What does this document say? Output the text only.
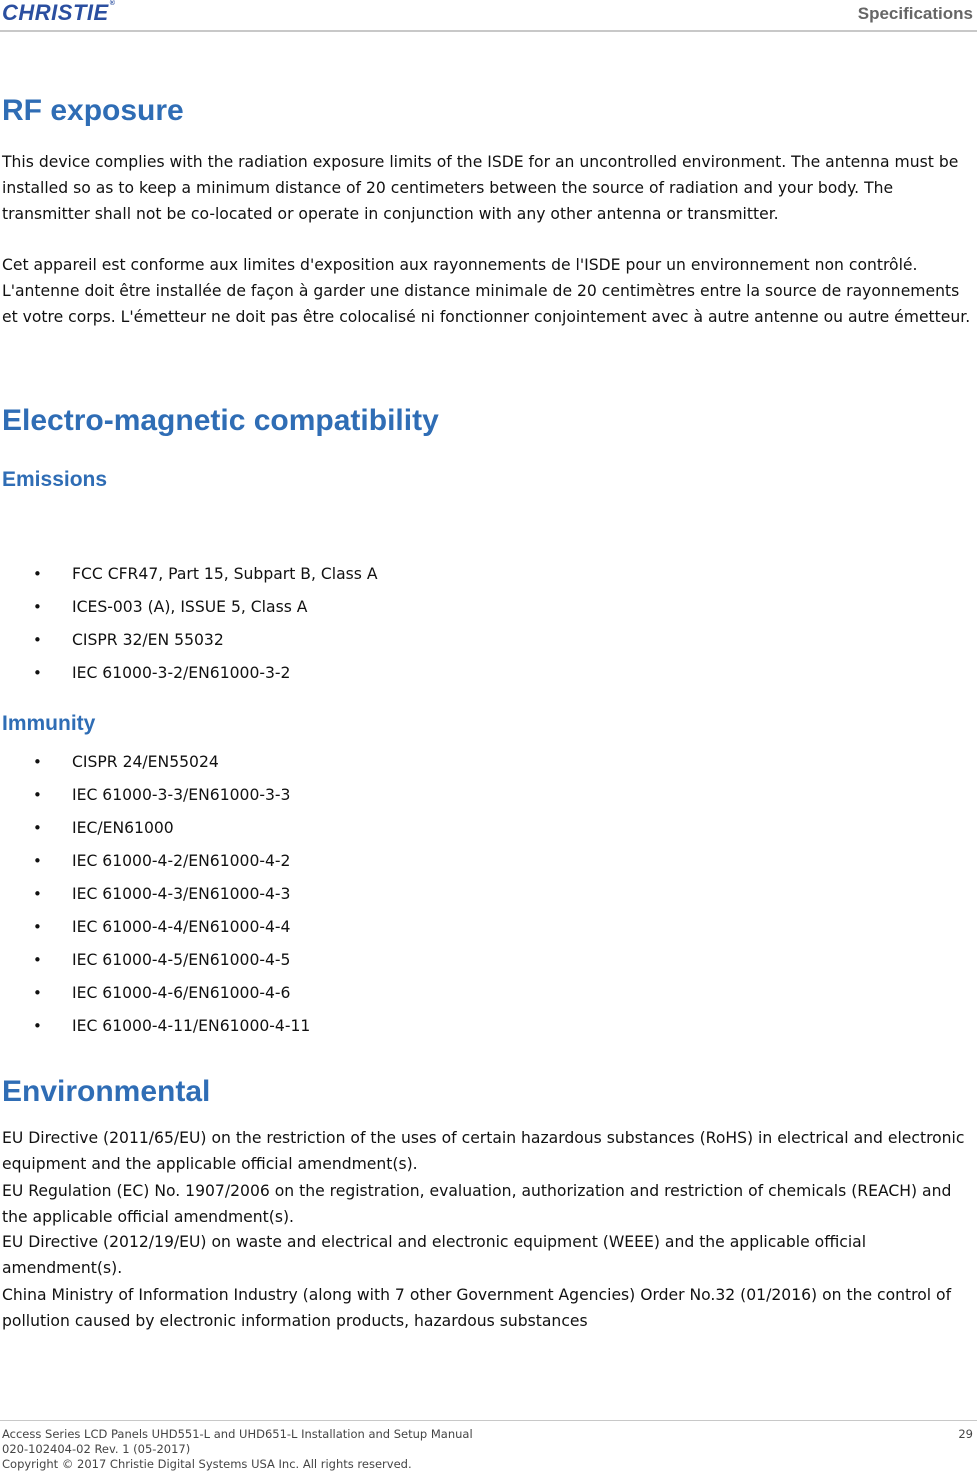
CHRISTIE®
Specifications
RF exposure

This device complies with the radiation exposure limits of the ISDE for an uncontrolled environment. The antenna must be installed so as to keep a minimum distance of 20 centimeters between the source of radiation and your body. The transmitter shall not be co-located or operate in conjunction with any other antenna or transmitter.

Cet appareil est conforme aux limites d'exposition aux rayonnements de l'ISDE pour un environnement non contrôlé. L'antenne doit être installée de façon à garder une distance minimale de 20 centimètres entre la source de rayonnements et votre corps. L'émetteur ne doit pas être colocalisé ni fonctionner conjointement avec à autre antenne ou autre émetteur.

Electro-magnetic compatibility
Emissions
• FCC CFR47, Part 15, Subpart B, Class A
• ICES-003 (A), ISSUE 5, Class A
• CISPR 32/EN 55032
• IEC 61000-3-2/EN61000-3-2
Immunity
• CISPR 24/EN55024
• IEC 61000-3-3/EN61000-3-3
• IEC/EN61000
• IEC 61000-4-2/EN61000-4-2
• IEC 61000-4-3/EN61000-4-3
• IEC 61000-4-4/EN61000-4-4
• IEC 61000-4-5/EN61000-4-5
• IEC 61000-4-6/EN61000-4-6
• IEC 61000-4-11/EN61000-4-11
Environmental

EU Directive (2011/65/EU) on the restriction of the uses of certain hazardous substances (RoHS) in electrical and electronic equipment and the applicable official amendment(s).

EU Regulation (EC) No. 1907/2006 on the registration, evaluation, authorization and restriction of chemicals (REACH) and the applicable official amendment(s).

EU Directive (2012/19/EU) on waste and electrical and electronic equipment (WEEE) and the applicable official amendment(s).

China Ministry of Information Industry (along with 7 other Government Agencies) Order No.32 (01/2016) on the control of pollution caused by electronic information products, hazardous substances

Access Series LCD Panels UHD551-L and UHD651-L Installation and Setup Manual
020-102404-02 Rev. 1 (05-2017)
Copyright © 2017 Christie Digital Systems USA Inc. All rights reserved.
29
